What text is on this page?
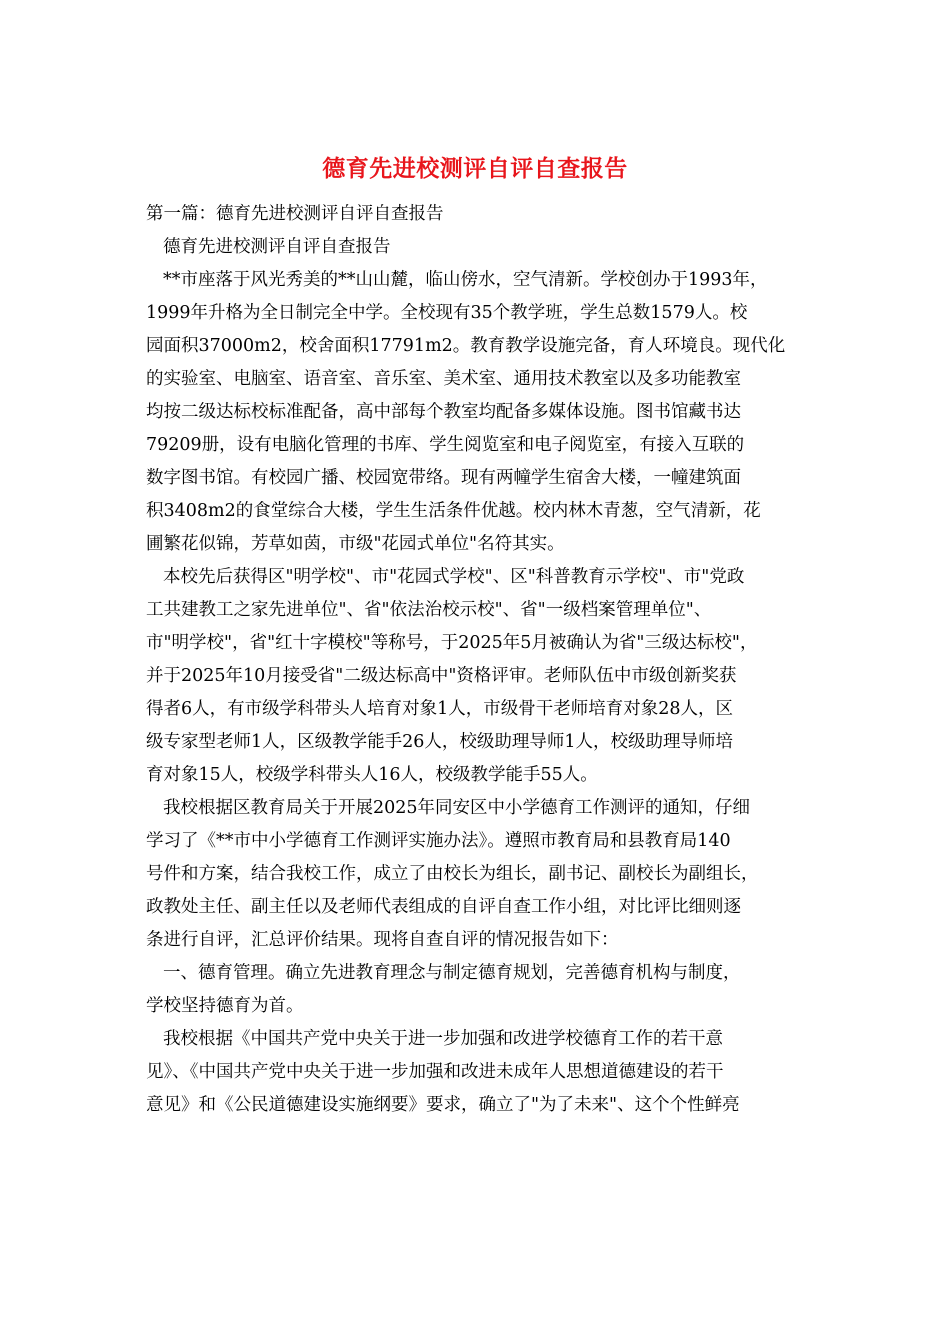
德育先进校测评自评自查报告
第一篇：德育先进校测评自评自查报告
德育先进校测评自评自查报告
**市座落于风光秀美的**山山麓，临山傍水，空气清新。学校创办于1993年，
1999年升格为全日制完全中学。全校现有35个教学班，学生总数1579人。校
园面积37000m2，校舍面积17791m2。教育教学设施完备，育人环境良。现代化
的实验室、电脑室、语音室、音乐室、美术室、通用技术教室以及多功能教室
均按二级达标校标准配备，高中部每个教室均配备多媒体设施。图书馆藏书达
79209册，设有电脑化管理的书库、学生阅览室和电子阅览室，有接入互联的
数字图书馆。有校园广播、校园宽带络。现有两幢学生宿舍大楼，一幢建筑面
积3408m2的食堂综合大楼，学生生活条件优越。校内林木青葱，空气清新，花
圃繁花似锦，芳草如茵，市级"花园式单位"名符其实。
本校先后获得区"明学校"、市"花园式学校"、区"科普教育示学校"、市"党政
工共建教工之家先进单位"、省"依法治校示校"、省"一级档案管理单位"、
市"明学校"，省"红十字模校"等称号，于2025年5月被确认为省"三级达标校"，
并于2025年10月接受省"二级达标高中"资格评审。老师队伍中市级创新奖获
得者6人，有市级学科带头人培育对象1人，市级骨干老师培育对象28人，区
级专家型老师1人，区级教学能手26人，校级助理导师1人，校级助理导师培
育对象15人，校级学科带头人16人，校级教学能手55人。
我校根据区教育局关于开展2025年同安区中小学德育工作测评的通知，仔细
学习了《**市中小学德育工作测评实施办法》。遵照市教育局和县教育局140
号件和方案，结合我校工作，成立了由校长为组长，副书记、副校长为副组长，
政教处主任、副主任以及老师代表组成的自评自查工作小组，对比评比细则逐
条进行自评，汇总评价结果。现将自查自评的情况报告如下：
一、德育管理。确立先进教育理念与制定德育规划，完善德育机构与制度，
学校坚持德育为首。
我校根据《中国共产党中央关于进一步加强和改进学校德育工作的若干意
见》、《中国共产党中央关于进一步加强和改进未成年人思想道德建设的若干
意见》和《公民道德建设实施纲要》要求，确立了"为了未来"、这个个性鲜亮
